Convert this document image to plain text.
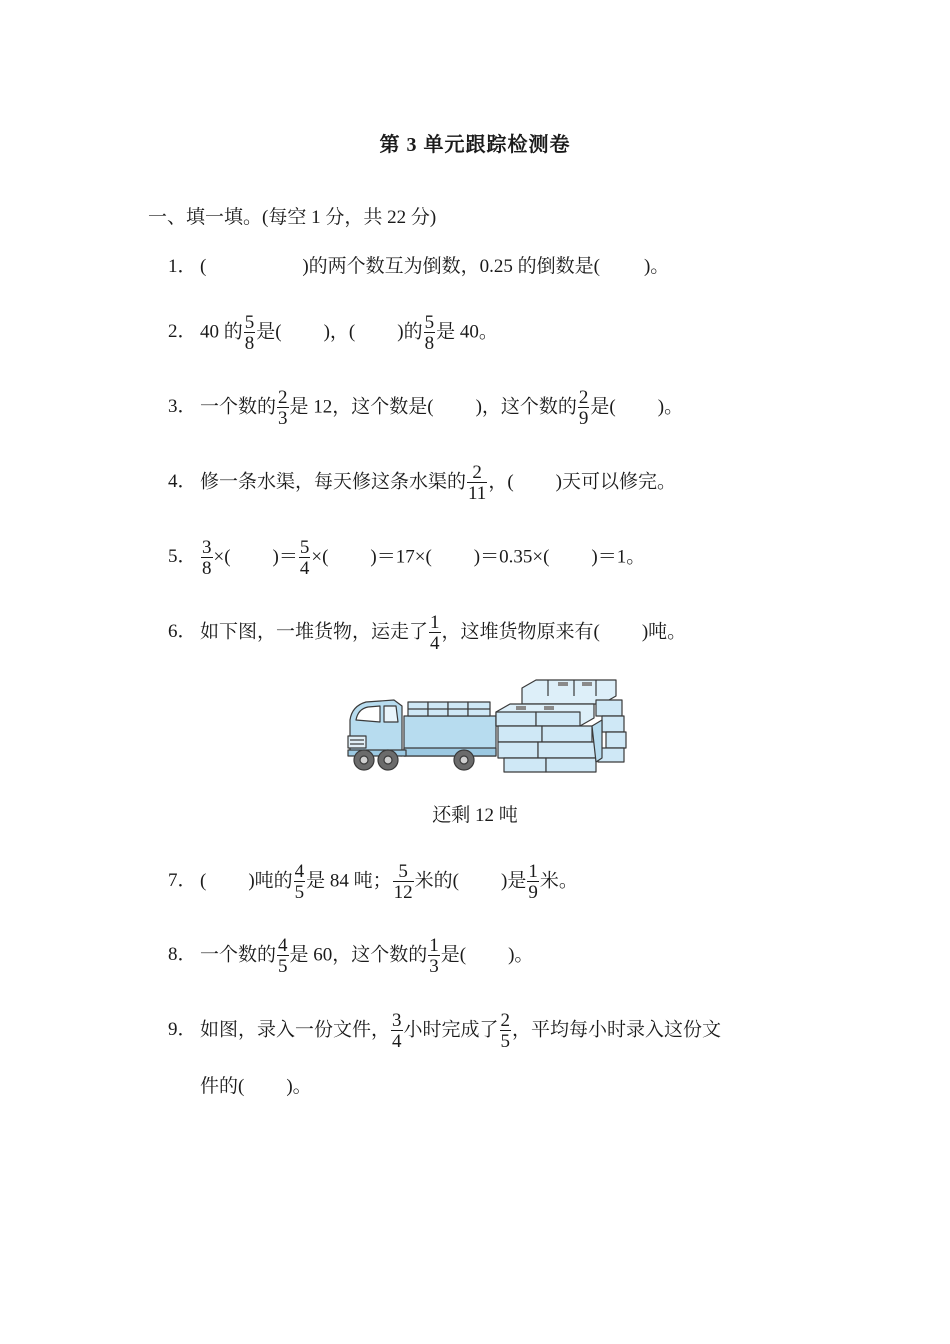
第 3 单元跟踪检测卷
一、填一填。(每空 1 分，共 22 分)
1． (	)的两个数互为倒数，0.25 的倒数是( )。
2． 40 的 $\frac{5}{8}$ 是( )，( )的 $\frac{5}{8}$ 是 40。
3． 一个数的 $\frac{2}{3}$ 是 12，这个数是( )，这个数的 $\frac{2}{9}$ 是( )。
4． 修一条水渠，每天修这条水渠的 $\frac{2}{11}$ ，( )天可以修完。
5． $\frac{3}{8}$ ×( )＝ $\frac{5}{4}$ ×( )＝17×( )＝0.35×( )＝1。
6． 如下图，一堆货物，运走了 $\frac{1}{4}$ ，这堆货物原来有( )吨。
还剩 12 吨
7． ( )吨的 $\frac{4}{5}$ 是 84 吨； $\frac{5}{12}$ 米的( )是 $\frac{1}{9}$ 米。
8． 一个数的 $\frac{4}{5}$ 是 60，这个数的 $\frac{1}{3}$ 是( )。
9． 如图，录入一份文件， $\frac{3}{4}$ 小时完成了 $\frac{2}{5}$ ，平均每小时录入这份文
件的( )。
